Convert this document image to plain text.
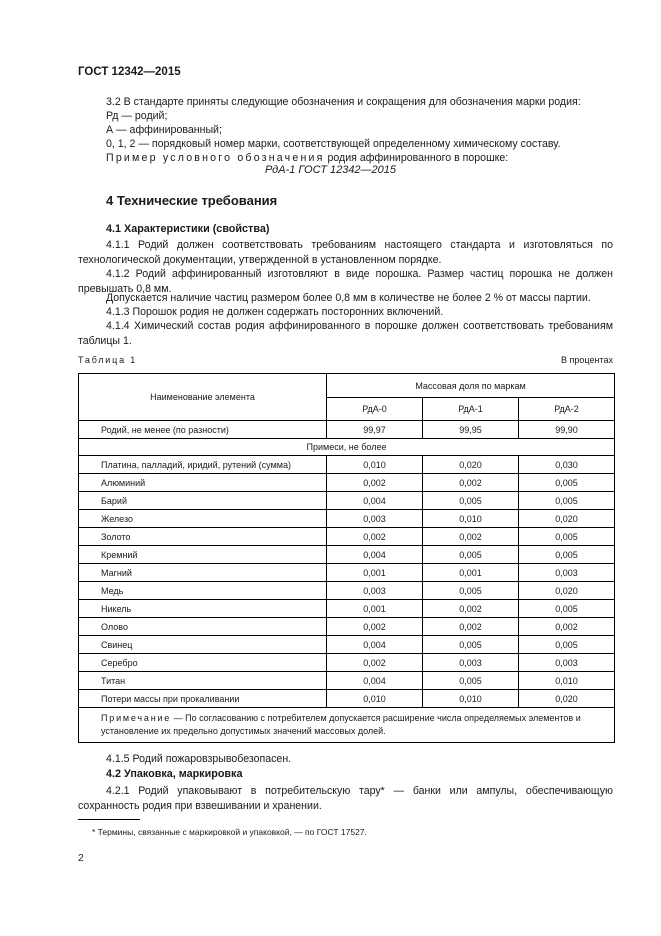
ГОСТ 12342—2015
3.2 В стандарте приняты следующие обозначения и сокращения для обозначения марки родия:
Рд — родий;
А — аффинированный;
0, 1, 2 — порядковый номер марки, соответствующей определенному химическому составу.
Пример условного обозначения родия аффинированного в порошке:
РдА-1 ГОСТ 12342—2015
4 Технические требования
4.1 Характеристики (свойства)
4.1.1 Родий должен соответствовать требованиям настоящего стандарта и изготовляться по технологической документации, утвержденной в установленном порядке.
4.1.2 Родий аффинированный изготовляют в виде порошка. Размер частиц порошка не должен превышать 0,8 мм.
Допускается наличие частиц размером более 0,8 мм в количестве не более 2 % от массы партии.
4.1.3 Порошок родия не должен содержать посторонних включений.
4.1.4 Химический состав родия аффинированного в порошке должен соответствовать требованиям таблицы 1.
Таблица 1	В процентах
Наименование элемента	Массовая доля по маркам		
	РдА-0	РдА-1	РдА-2
Родий, не менее (по разности)	99,97	99,95	99,90
Примеси, не более			
Платина, палладий, иридий, рутений (сумма)	0,010	0,020	0,030
Алюминий	0,002	0,002	0,005
Барий	0,004	0,005	0,005
Железо	0,003	0,010	0,020
Золото	0,002	0,002	0,005
Кремний	0,004	0,005	0,005
Магний	0,001	0,001	0,003
Медь	0,003	0,005	0,020
Никель	0,001	0,002	0,005
Олово	0,002	0,002	0,002
Свинец	0,004	0,005	0,005
Серебро	0,002	0,003	0,003
Титан	0,004	0,005	0,010
Потери массы при прокаливании	0,010	0,010	0,020
Примечание — По согласованию с потребителем допускается расширение числа определяемых элементов и установление их предельно допустимых значений массовых долей.			
4.1.5 Родий пожаровзрывобезопасен.
4.2 Упаковка, маркировка
4.2.1 Родий упаковывают в потребительскую тару* — банки или ампулы, обеспечивающую сохранность родия при взвешивании и хранении.
* Термины, связанные с маркировкой и упаковкой, — по ГОСТ 17527.
2
